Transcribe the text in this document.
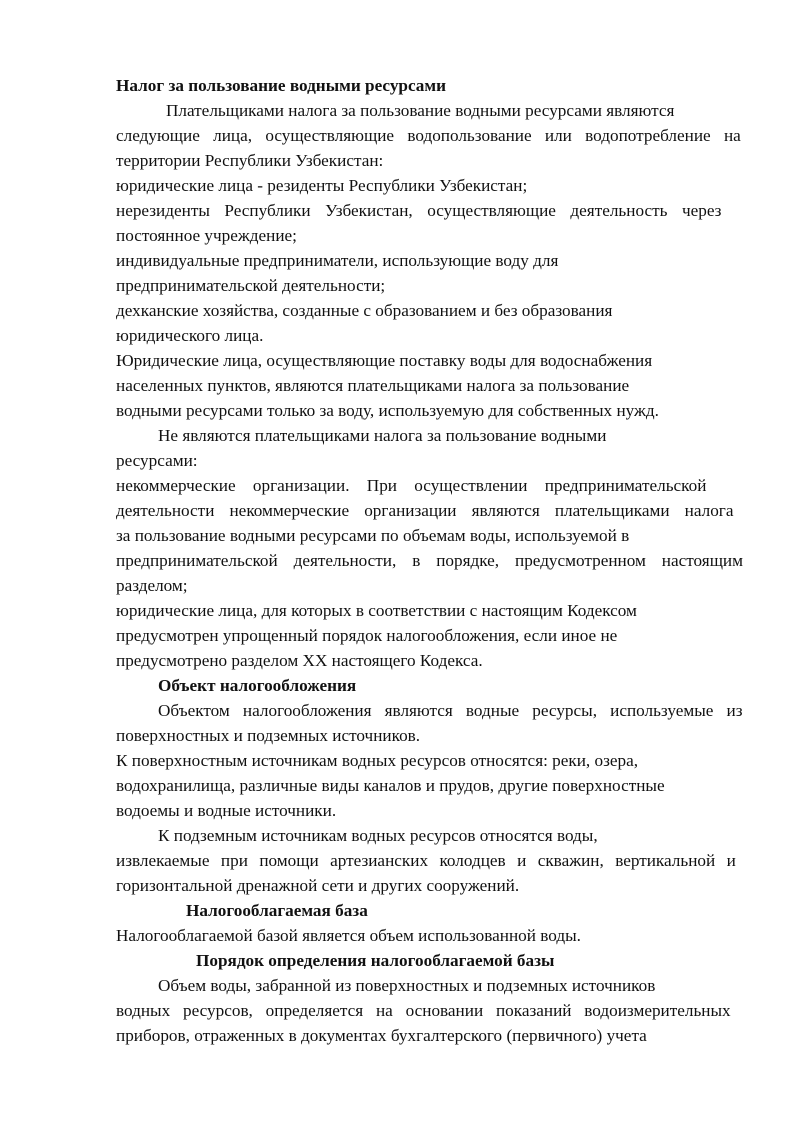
Налог за пользование водными ресурсами
Плательщиками налога за пользование водными ресурсами являются
следующие лица, осуществляющие водопользование или водопотребление на
территории Республики Узбекистан:
юридические лица - резиденты Республики Узбекистан;
нерезиденты Республики Узбекистан, осуществляющие деятельность через
постоянное учреждение;
индивидуальные предприниматели, использующие воду для
предпринимательской деятельности;
дехканские хозяйства, созданные с образованием и без образования
юридического лица.
Юридические лица, осуществляющие поставку воды для водоснабжения
населенных пунктов, являются плательщиками налога за пользование
водными ресурсами только за воду, используемую для собственных нужд.
Не являются плательщиками налога за пользование водными
ресурсами:
некоммерческие организации. При осуществлении предпринимательской
деятельности некоммерческие организации являются плательщиками налога
за пользование водными ресурсами по объемам воды, используемой в
предпринимательской деятельности, в порядке, предусмотренном настоящим
разделом;
юридические лица, для которых в соответствии с настоящим Кодексом
предусмотрен упрощенный порядок налогообложения, если иное не
предусмотрено разделом XX настоящего Кодекса.
Объект налогообложения
Объектом налогообложения являются водные ресурсы, используемые из
поверхностных и подземных источников.
К поверхностным источникам водных ресурсов относятся: реки, озера,
водохранилища, различные виды каналов и прудов, другие поверхностные
водоемы и водные источники.
К подземным источникам водных ресурсов относятся воды,
извлекаемые при помощи артезианских колодцев и скважин, вертикальной и
горизонтальной дренажной сети и других сооружений.
Налогооблагаемая база
Налогооблагаемой базой является объем использованной воды.
Порядок определения налогооблагаемой базы
Объем воды, забранной из поверхностных и подземных источников
водных ресурсов, определяется на основании показаний водоизмерительных
приборов, отраженных в документах бухгалтерского (первичного) учета
